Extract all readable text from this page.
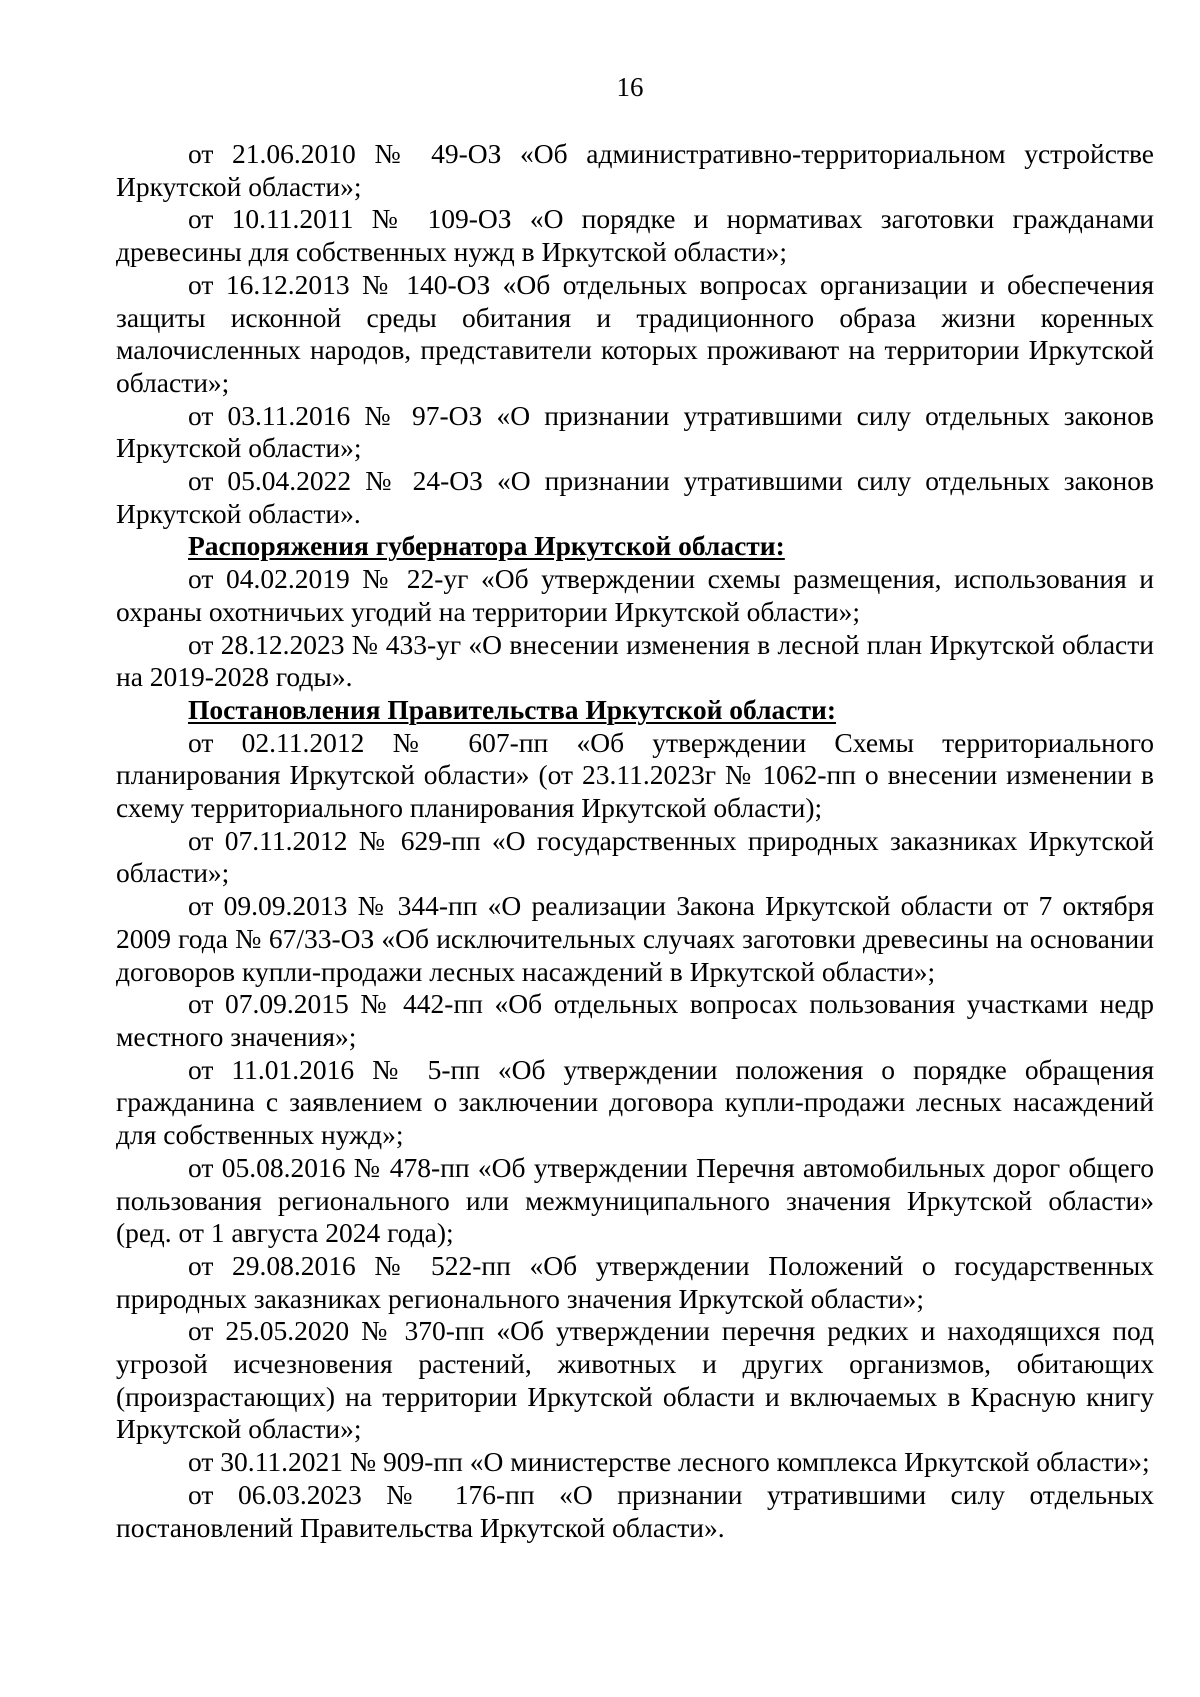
16

от 21.06.2010 № 49-ОЗ «Об административно-территориальном устройстве Иркутской области»;

от 10.11.2011 № 109-ОЗ «О порядке и нормативах заготовки гражданами древесины для собственных нужд в Иркутской области»;

от 16.12.2013 № 140-ОЗ «Об отдельных вопросах организации и обеспечения защиты исконной среды обитания и традиционного образа жизни коренных малочисленных народов, представители которых проживают на территории Иркутской области»;

от 03.11.2016 № 97-ОЗ «О признании утратившими силу отдельных законов Иркутской области»;

от 05.04.2022 № 24-ОЗ «О признании утратившими силу отдельных законов Иркутской области».

Распоряжения губернатора Иркутской области:

от 04.02.2019 № 22-уг «Об утверждении схемы размещения, использования и охраны охотничьих угодий на территории Иркутской области»;

от 28.12.2023 № 433-уг «О внесении изменения в лесной план Иркутской области на 2019-2028 годы».

Постановления Правительства Иркутской области:

от 02.11.2012 № 607-пп «Об утверждении Схемы территориального планирования Иркутской области» (от 23.11.2023г № 1062-пп о внесении изменении в схему территориального планирования Иркутской области);

от 07.11.2012 № 629-пп «О государственных природных заказниках Иркутской области»;

от 09.09.2013 № 344-пп «О реализации Закона Иркутской области от 7 октября 2009 года № 67/33-ОЗ «Об исключительных случаях заготовки древесины на основании договоров купли-продажи лесных насаждений в Иркутской области»;

от 07.09.2015 № 442-пп «Об отдельных вопросах пользования участками недр местного значения»;

от 11.01.2016 № 5-пп «Об утверждении положения о порядке обращения гражданина с заявлением о заключении договора купли-продажи лесных насаждений для собственных нужд»;

от 05.08.2016 № 478-пп «Об утверждении Перечня автомобильных дорог общего пользования регионального или межмуниципального значения Иркутской области» (ред. от 1 августа 2024 года);

от 29.08.2016 № 522-пп «Об утверждении Положений о государственных природных заказниках регионального значения Иркутской области»;

от 25.05.2020 № 370-пп «Об утверждении перечня редких и находящихся под угрозой исчезновения растений, животных и других организмов, обитающих (произрастающих) на территории Иркутской области и включаемых в Красную книгу Иркутской области»;

от 30.11.2021 № 909-пп «О министерстве лесного комплекса Иркутской области»;

от 06.03.2023 № 176-пп «О признании утратившими силу отдельных постановлений Правительства Иркутской области».
